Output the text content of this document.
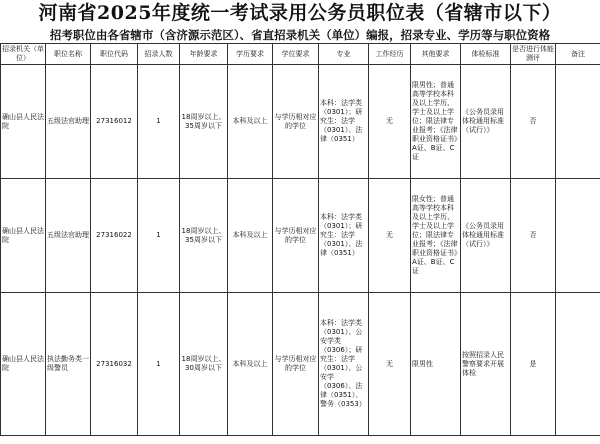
河南省2025年度统一考试录用公务员职位表（省辖市以下）
招考职位由各省辖市（含济源示范区）、省直招录机关（单位）编报，招录专业、学历等与职位资格
招录机关（单位）	职位名称	职位代码	招录人数	年龄要求	学历要求	学位要求	专业	工作经历	其他要求	体检标准	是否进行体能测评	备注
确山县人民法院	五级法官助理	27316012	1	18周岁以上、35周岁以下	本科及以上	与学历相对应的学位	本科：法学类（0301）；研究生：法学（0301）、法律（0351）	无	限男性；普通高等学校本科及以上学历、学士及以上学位；限法律专业报考；《法律职业资格证书》A证、B证、C证	《公务员录用体检通用标准（试行）》	否	
确山县人民法院	五级法官助理	27316022	1	18周岁以上、35周岁以下	本科及以上	与学历相对应的学位	本科：法学类（0301）；研究生：法学（0301）、法律（0351）	无	限女性；普通高等学校本科及以上学历、学士及以上学位；限法律专业报考；《法律职业资格证书》A证、B证、C证	《公务员录用体检通用标准（试行）》	否	
确山县人民法院	执法勤务类一级警员	27316032	1	18周岁以上、30周岁以下	本科及以上	与学历相对应的学位	本科：法学类（0301）、公安学类（0306）；研究生：法学（0301）、公安学（0306）、法律（0351）、警务（0353）	无	限男性	按照招录人民警察要求开展体检	是	
